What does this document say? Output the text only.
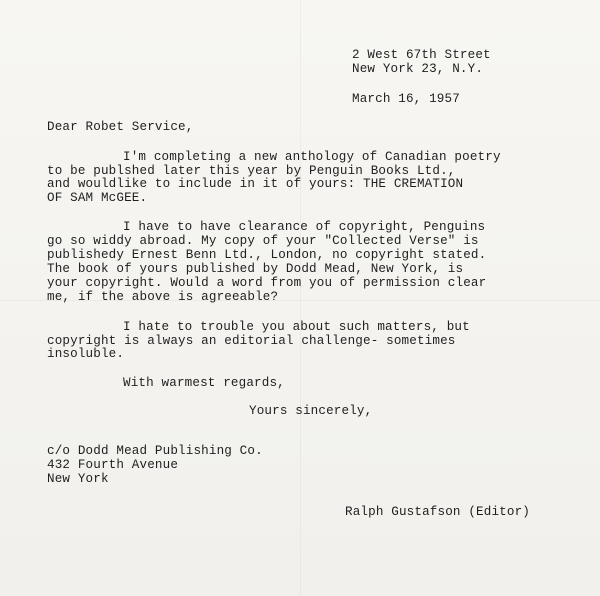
2 West 67th Street
New York 23, N.Y.
March 16, 1957
Dear Robet Service,
I'm completing a new anthology of Canadian poetry
to be publshed later this year by Penguin Books Ltd.,
and wouldlike to include in it of yours: THE CREMATION
OF SAM McGEE.
I have to have clearance of copyright, Penguins
go so widdy abroad. My copy of your "Collected Verse" is
publishedy Ernest Benn Ltd., London, no copyright stated.
The book of yours published by Dodd Mead, New York, is
your copyright. Would a word from you of permission clear
me, if the above is agreeable?
I hate to trouble you about such matters, but
copyright is always an editorial challenge- sometimes
insoluble.
With warmest regards,
Yours sincerely,
c/o Dodd Mead Publishing Co.
432 Fourth Avenue
New York
Ralph Gustafson (Editor)
